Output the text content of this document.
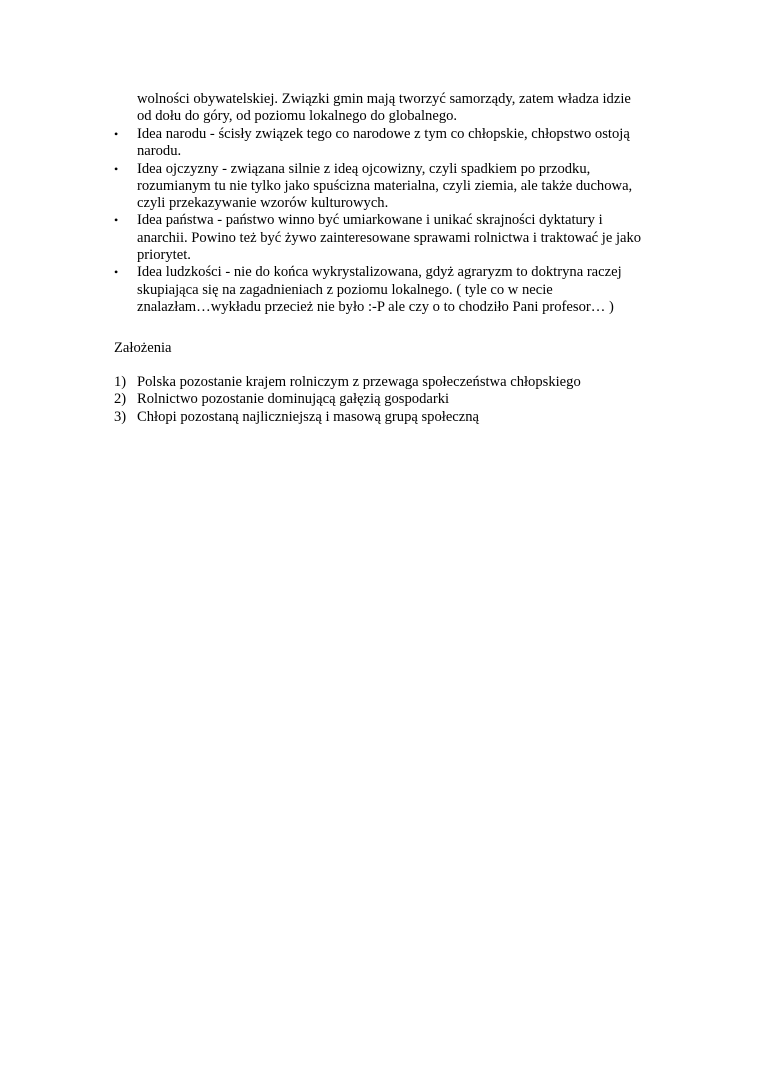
wolności obywatelskiej. Związki gmin mają tworzyć samorządy, zatem władza idzie
od dołu do góry, od poziomu lokalnego do globalnego.
•	Idea narodu - ścisły związek tego co narodowe z tym co chłopskie, chłopstwo ostoją
narodu.
•	Idea ojczyzny - związana silnie z ideą ojcowizny, czyli spadkiem po przodku,
rozumianym tu nie tylko jako spuścizna materialna, czyli ziemia, ale także duchowa,
czyli przekazywanie wzorów kulturowych.
•	Idea państwa - państwo winno być umiarkowane i unikać skrajności dyktatury i
anarchii. Powino też być żywo zainteresowane sprawami rolnictwa i traktować je jako
priorytet.
•	Idea ludzkości - nie do końca wykrystalizowana, gdyż agraryzm to doktryna raczej
skupiająca się na zagadnieniach z poziomu lokalnego. ( tyle co w necie
znalazłam…wykładu przecież nie było :-P ale czy o to chodziło Pani profesor… )
Założenia
1) Polska pozostanie krajem rolniczym z przewaga społeczeństwa chłopskiego
2) Rolnictwo pozostanie dominującą gałęzią gospodarki
3) Chłopi pozostaną najliczniejszą i masową grupą społeczną
